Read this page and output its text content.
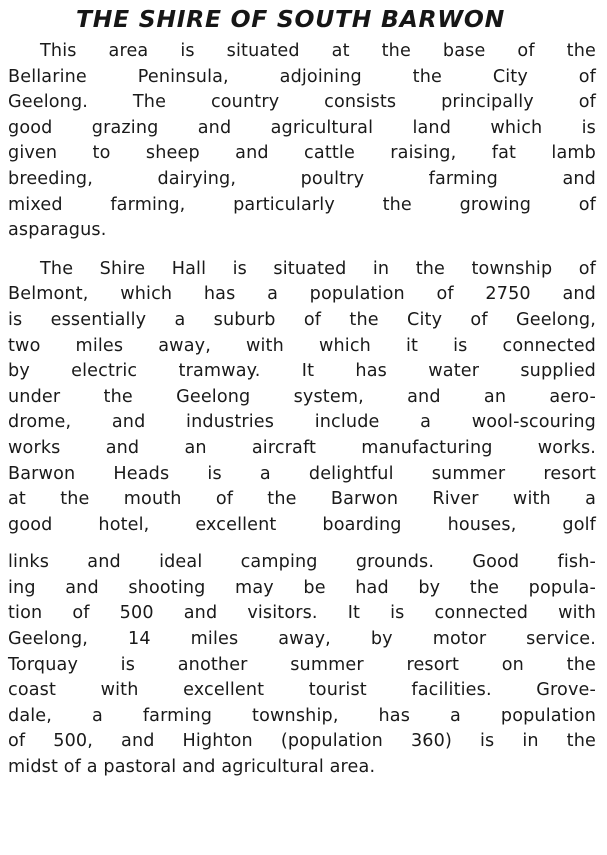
THE SHIRE OF SOUTH BARWON
This area is situated at the base of the
Bellarine Peninsula, adjoining the City of
Geelong. The country consists principally of
good grazing and agricultural land which is
given to sheep and cattle raising, fat lamb
breeding, dairying, poultry farming and
mixed farming, particularly the growing of
asparagus.
The Shire Hall is situated in the township of
Belmont, which has a population of 2750 and
is essentially a suburb of the City of Geelong,
two miles away, with which it is connected
by electric tramway. It has water supplied
under the Geelong system, and an aero-
drome, and industries include a wool-scouring
works and an aircraft manufacturing works.
Barwon Heads is a delightful summer resort
at the mouth of the Barwon River with a
good hotel, excellent boarding houses, golf
links and ideal camping grounds. Good fish-
ing and shooting may be had by the popula-
tion of 500 and visitors. It is connected with
Geelong, 14 miles away, by motor service.
Torquay is another summer resort on the
coast with excellent tourist facilities. Grove-
dale, a farming township, has a population
of 500, and Highton (population 360) is in the
midst of a pastoral and agricultural area.
